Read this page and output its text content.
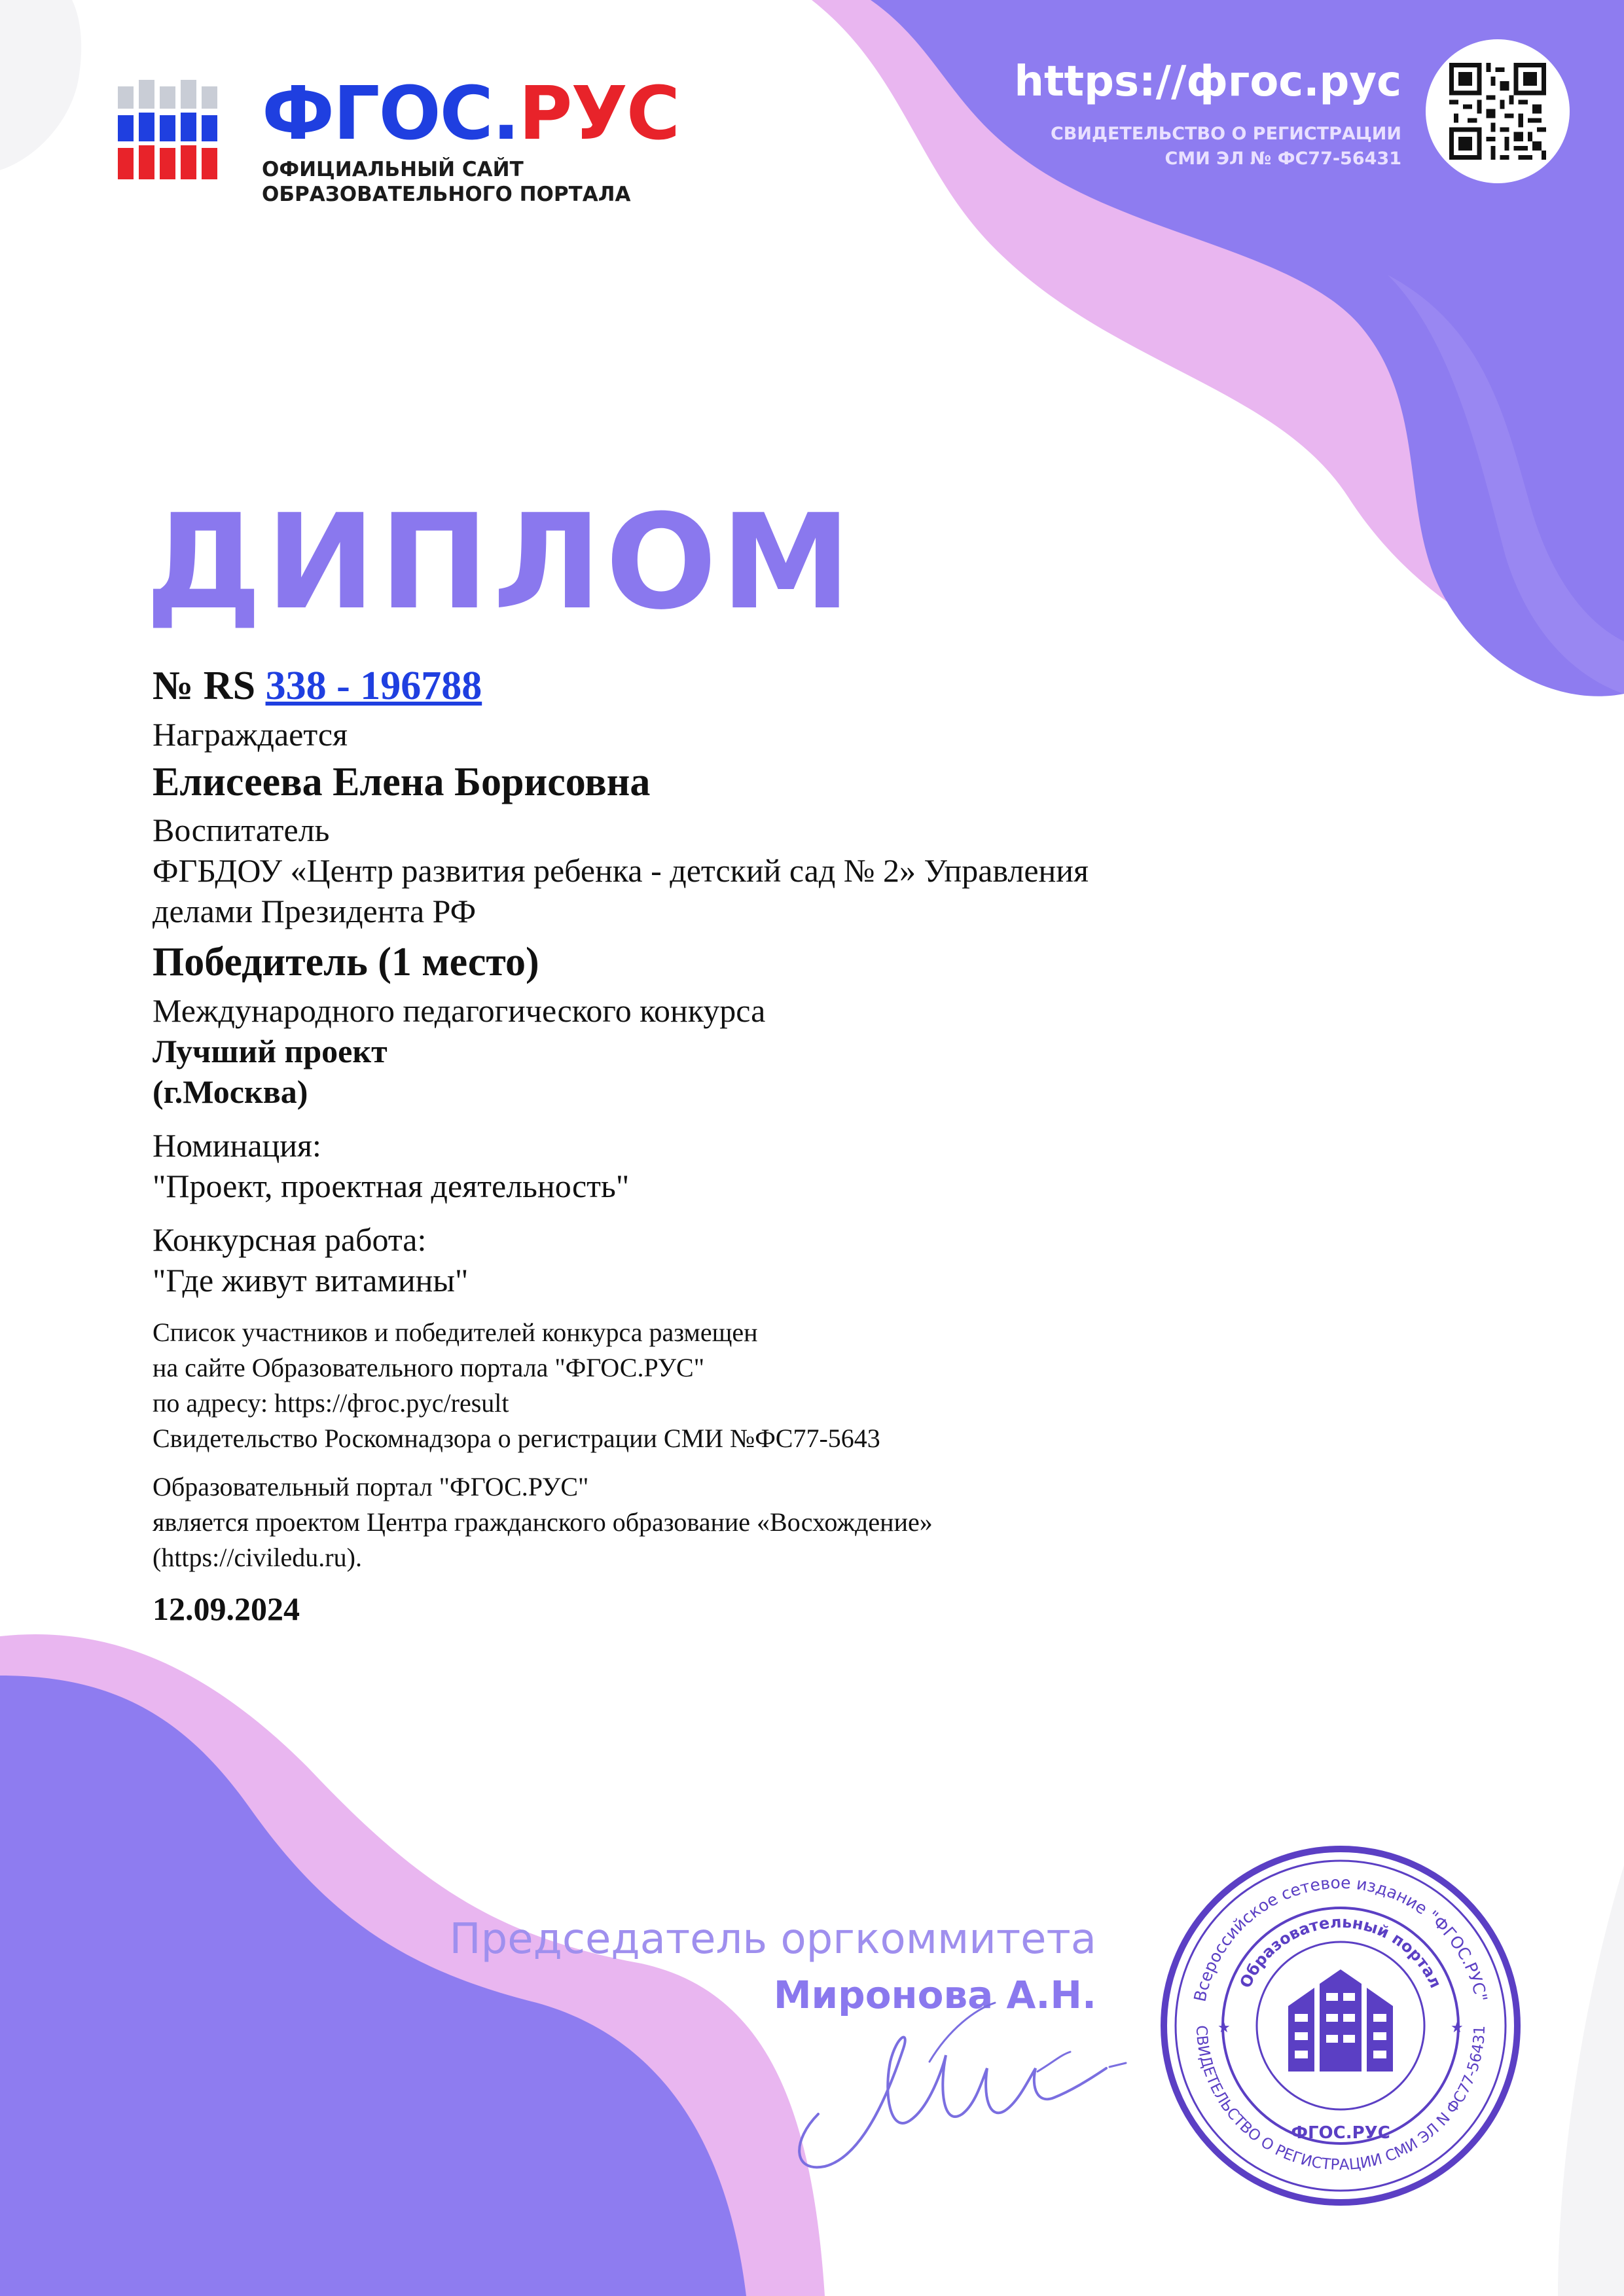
ФГОС.РУС
ОФИЦИАЛЬНЫЙ САЙТ
ОБРАЗОВАТЕЛЬНОГО ПОРТАЛА
https://фгос.рус
СВИДЕТЕЛЬСТВО О РЕГИСТРАЦИИ
СМИ ЭЛ № ФС77-56431
ДИПЛОМ

№ RS 338 - 196788

Награждается

Елисеева Елена Борисовна

Воспитатель

ФГБДОУ «Центр развития ребенка - детский сад № 2» Управления

делами Президента РФ

Победитель (1 место)

Международного педагогического конкурса

Лучший проект

(г.Москва)

Номинация:

"Проект, проектная деятельность"

Конкурсная работа:

"Где живут витамины"

Список участников и победителей конкурса размещен

на сайте Образовательного портала "ФГОС.РУС"

по адресу: https://фгос.рус/result

Свидетельство Роскомнадзора о регистрации СМИ №ФС77-5643

Образовательный портал "ФГОС.РУС"

является проектом Центра гражданского образование «Восхождение»

(https://civiledu.ru).

12.09.2024

Председатель оргкоммитета
Миронова А.Н.	Всероссийское сетевое издание "ФГОС.РУС"
СВИДЕТЕЛЬСТВО О РЕГИСТРАЦИИ СМИ ЭЛ N ФС77-56431
Образовательный портал
ФГОС.РУС
★	★
